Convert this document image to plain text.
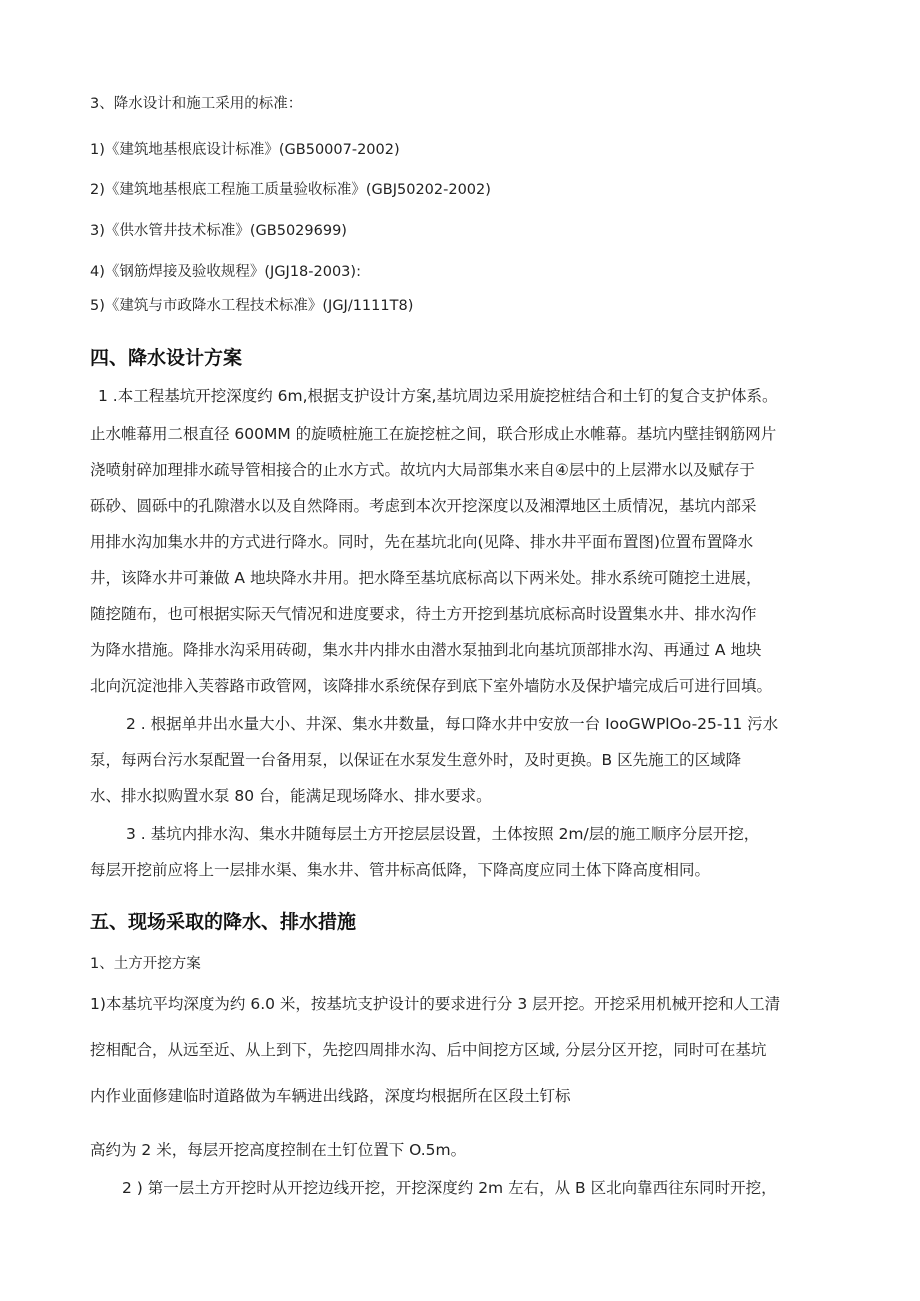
3、降水设计和施工采用的标准：

1)《建筑地基根底设计标准》(GB50007-2002)

2)《建筑地基根底工程施工质量验收标准》(GBJ50202-2002)

3)《供水管井技术标准》(GB5029699)

4)《钢筋焊接及验收规程》(JGJ18-2003):

5)《建筑与市政降水工程技术标准》(JGJ/1111T8)

四、降水设计方案

1 .本工程基坑开挖深度约 6m,根据支护设计方案,基坑周边采用旋挖桩结合和土钉的复合支护体系。

止水帷幕用二根直径 600MM 的旋喷桩施工在旋挖桩之间，联合形成止水帷幕。基坑内壁挂钢筋网片

浇喷射碎加理排水疏导管相接合的止水方式。故坑内大局部集水来自④层中的上层滞水以及赋存于

砾砂、圆砾中的孔隙潜水以及自然降雨。考虑到本次开挖深度以及湘潭地区土质情况，基坑内部采

用排水沟加集水井的方式进行降水。同时，先在基坑北向(见降、排水井平面布置图)位置布置降水

井，该降水井可兼做 A 地块降水井用。把水降至基坑底标高以下两米处。排水系统可随挖土进展，

随挖随布，也可根据实际天气情况和进度要求，待土方开挖到基坑底标高时设置集水井、排水沟作

为降水措施。降排水沟采用砖砌，集水井内排水由潜水泵抽到北向基坑顶部排水沟、再通过 A 地块

北向沉淀池排入芙蓉路市政管网，该降排水系统保存到底下室外墙防水及保护墙完成后可进行回填。

2 . 根据单井出水量大小、井深、集水井数量，每口降水井中安放一台 IooGWPlOo-25-11 污水

泵，每两台污水泵配置一台备用泵，以保证在水泵发生意外时，及时更换。B 区先施工的区域降

水、排水拟购置水泵 80 台，能满足现场降水、排水要求。

3 . 基坑内排水沟、集水井随每层土方开挖层层设置，土体按照 2m/层的施工顺序分层开挖，

每层开挖前应将上一层排水渠、集水井、管井标高低降，下降高度应同土体下降高度相同。

五、现场采取的降水、排水措施

1、土方开挖方案

1)本基坑平均深度为约 6.0 米，按基坑支护设计的要求进行分 3 层开挖。开挖采用机械开挖和人工清

挖相配合，从远至近、从上到下，先挖四周排水沟、后中间挖方区域, 分层分区开挖，同时可在基坑

内作业面修建临时道路做为车辆进出线路，深度均根据所在区段土钉标

高约为 2 米，每层开挖高度控制在土钉位置下 O.5m。

2 ) 第一层土方开挖时从开挖边线开挖，开挖深度约 2m 左右，从 B 区北向靠西往东同时开挖，
